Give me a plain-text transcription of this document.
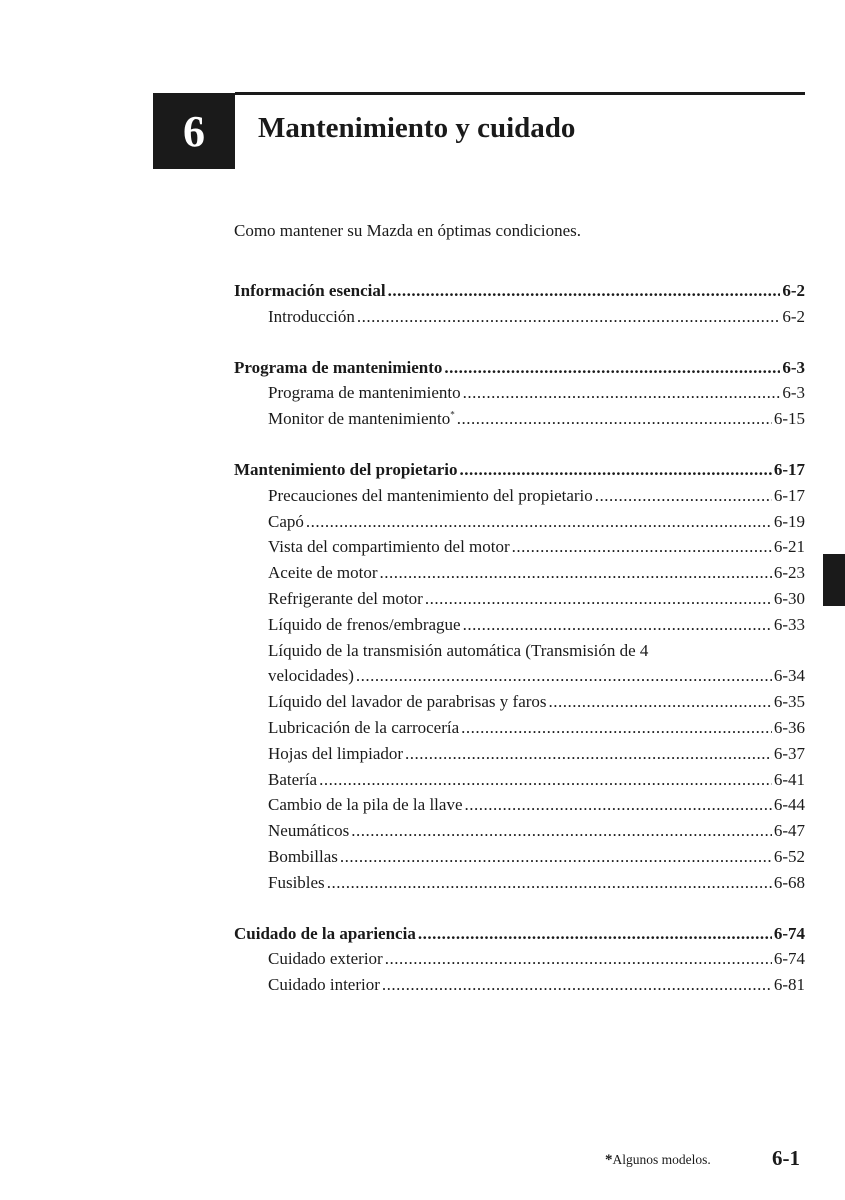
6	Mantenimiento y cuidado
Como mantener su Mazda en óptimas condiciones.
Información esencial .....	6-2
Introducción .....	6-2
Programa de mantenimiento .....	6-3
Programa de mantenimiento .....	6-3
Monitor de mantenimiento* .....	6-15
Mantenimiento del propietario .....	6-17
Precauciones del mantenimiento del propietario .....	6-17
Capó .....	6-19
Vista del compartimiento del motor .....	6-21
Aceite de motor .....	6-23
Refrigerante del motor .....	6-30
Líquido de frenos/embrague .....	6-33
Líquido de la transmisión automática (Transmisión de 4
velocidades) .....	6-34
Líquido del lavador de parabrisas y faros .....	6-35
Lubricación de la carrocería .....	6-36
Hojas del limpiador .....	6-37
Batería .....	6-41
Cambio de la pila de la llave .....	6-44
Neumáticos .....	6-47
Bombillas .....	6-52
Fusibles .....	6-68
Cuidado de la apariencia .....	6-74
Cuidado exterior .....	6-74
Cuidado interior .....	6-81
*Algunos modelos.	6-1
